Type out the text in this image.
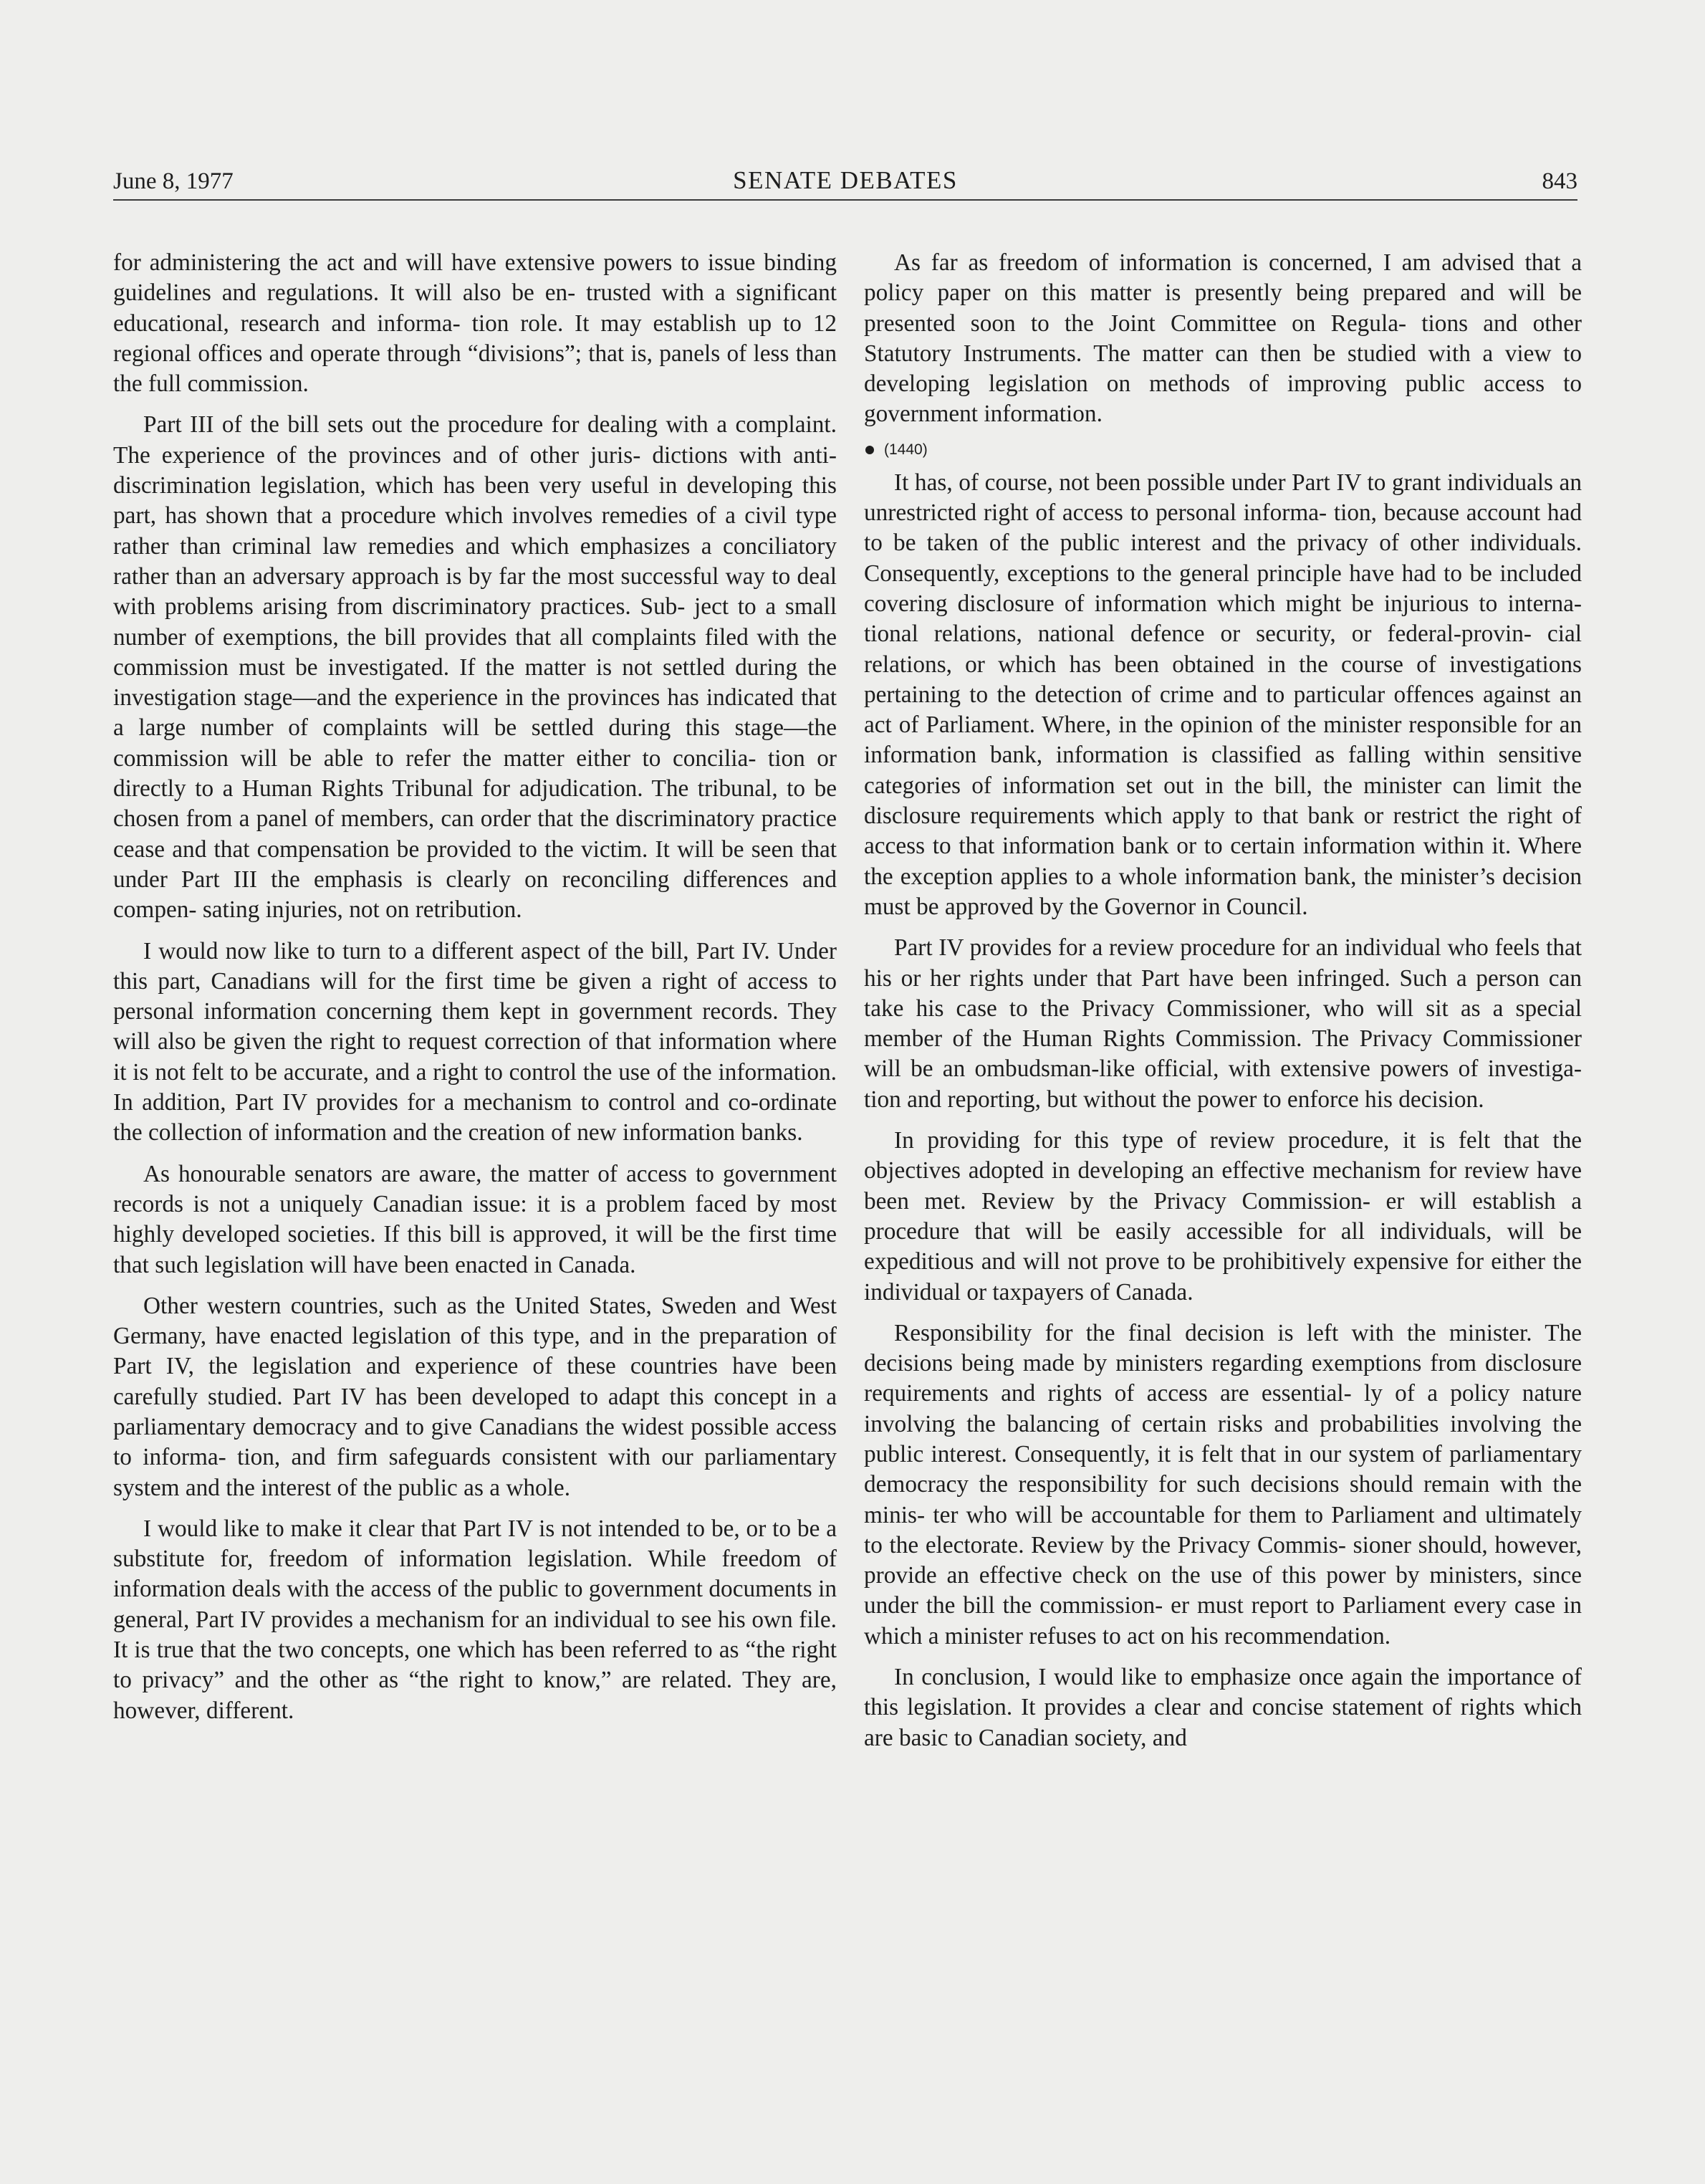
June 8, 1977	SENATE DEBATES	843

for administering the act and will have extensive powers to issue binding guidelines and regulations. It will also be en- trusted with a significant educational, research and informa- tion role. It may establish up to 12 regional offices and operate through “divisions”; that is, panels of less than the full commission.

Part III of the bill sets out the procedure for dealing with a complaint. The experience of the provinces and of other juris- dictions with anti-discrimination legislation, which has been very useful in developing this part, has shown that a procedure which involves remedies of a civil type rather than criminal law remedies and which emphasizes a conciliatory rather than an adversary approach is by far the most successful way to deal with problems arising from discriminatory practices. Sub- ject to a small number of exemptions, the bill provides that all complaints filed with the commission must be investigated. If the matter is not settled during the investigation stage—and the experience in the provinces has indicated that a large number of complaints will be settled during this stage—the commission will be able to refer the matter either to concilia- tion or directly to a Human Rights Tribunal for adjudication. The tribunal, to be chosen from a panel of members, can order that the discriminatory practice cease and that compensation be provided to the victim. It will be seen that under Part III the emphasis is clearly on reconciling differences and compen- sating injuries, not on retribution.

I would now like to turn to a different aspect of the bill, Part IV. Under this part, Canadians will for the first time be given a right of access to personal information concerning them kept in government records. They will also be given the right to request correction of that information where it is not felt to be accurate, and a right to control the use of the information. In addition, Part IV provides for a mechanism to control and co-ordinate the collection of information and the creation of new information banks.

As honourable senators are aware, the matter of access to government records is not a uniquely Canadian issue: it is a problem faced by most highly developed societies. If this bill is approved, it will be the first time that such legislation will have been enacted in Canada.

Other western countries, such as the United States, Sweden and West Germany, have enacted legislation of this type, and in the preparation of Part IV, the legislation and experience of these countries have been carefully studied. Part IV has been developed to adapt this concept in a parliamentary democracy and to give Canadians the widest possible access to informa- tion, and firm safeguards consistent with our parliamentary system and the interest of the public as a whole.

I would like to make it clear that Part IV is not intended to be, or to be a substitute for, freedom of information legislation. While freedom of information deals with the access of the public to government documents in general, Part IV provides a mechanism for an individual to see his own file. It is true that the two concepts, one which has been referred to as “the right to privacy” and the other as “the right to know,” are related. They are, however, different.

As far as freedom of information is concerned, I am advised that a policy paper on this matter is presently being prepared and will be presented soon to the Joint Committee on Regula- tions and other Statutory Instruments. The matter can then be studied with a view to developing legislation on methods of improving public access to government information.

(1440)

It has, of course, not been possible under Part IV to grant individuals an unrestricted right of access to personal informa- tion, because account had to be taken of the public interest and the privacy of other individuals. Consequently, exceptions to the general principle have had to be included covering disclosure of information which might be injurious to interna- tional relations, national defence or security, or federal-provin- cial relations, or which has been obtained in the course of investigations pertaining to the detection of crime and to particular offences against an act of Parliament. Where, in the opinion of the minister responsible for an information bank, information is classified as falling within sensitive categories of information set out in the bill, the minister can limit the disclosure requirements which apply to that bank or restrict the right of access to that information bank or to certain information within it. Where the exception applies to a whole information bank, the minister’s decision must be approved by the Governor in Council.

Part IV provides for a review procedure for an individual who feels that his or her rights under that Part have been infringed. Such a person can take his case to the Privacy Commissioner, who will sit as a special member of the Human Rights Commission. The Privacy Commissioner will be an ombudsman-like official, with extensive powers of investiga- tion and reporting, but without the power to enforce his decision.

In providing for this type of review procedure, it is felt that the objectives adopted in developing an effective mechanism for review have been met. Review by the Privacy Commission- er will establish a procedure that will be easily accessible for all individuals, will be expeditious and will not prove to be prohibitively expensive for either the individual or taxpayers of Canada.

Responsibility for the final decision is left with the minister. The decisions being made by ministers regarding exemptions from disclosure requirements and rights of access are essential- ly of a policy nature involving the balancing of certain risks and probabilities involving the public interest. Consequently, it is felt that in our system of parliamentary democracy the responsibility for such decisions should remain with the minis- ter who will be accountable for them to Parliament and ultimately to the electorate. Review by the Privacy Commis- sioner should, however, provide an effective check on the use of this power by ministers, since under the bill the commission- er must report to Parliament every case in which a minister refuses to act on his recommendation.

In conclusion, I would like to emphasize once again the importance of this legislation. It provides a clear and concise statement of rights which are basic to Canadian society, and
